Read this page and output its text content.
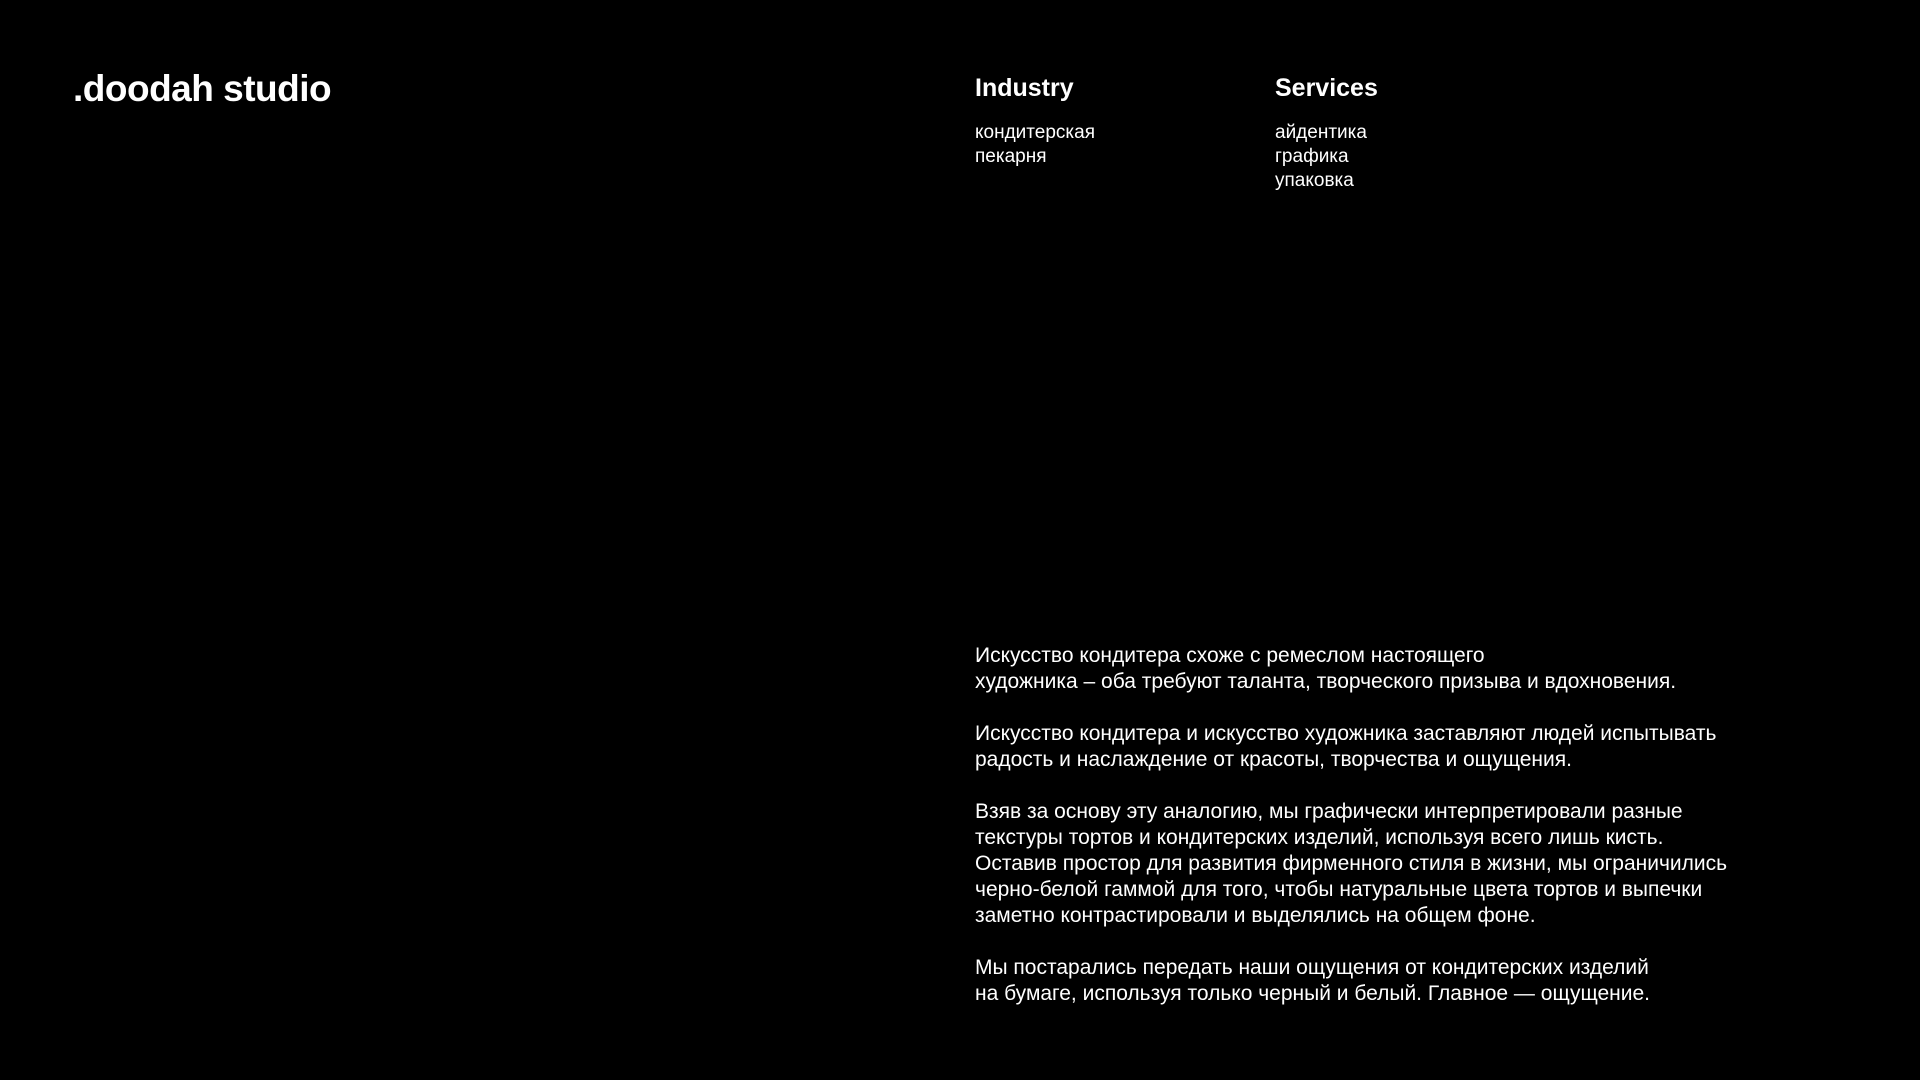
.doodah studio	Industry
кондитерская
пекарня
Services
айдентика
графика
упаковка

Искусство кондитера схоже с ремеслом настоящего
художника – оба требуют таланта, творческого призыва и вдохновения.

Искусство кондитера и искусство художника заставляют людей испытывать
радость и наслаждение от красоты, творчества и ощущения.

Взяв за основу эту аналогию, мы графически интерпретировали разные
текстуры тортов и кондитерских изделий, используя всего лишь кисть.
Оставив простор для развития фирменного стиля в жизни, мы ограничились
черно-белой гаммой для того, чтобы натуральные цвета тортов и выпечки
заметно контрастировали и выделялись на общем фоне.

Мы постарались передать наши ощущения от кондитерских изделий
на бумаге, используя только черный и белый. Главное — ощущение.
